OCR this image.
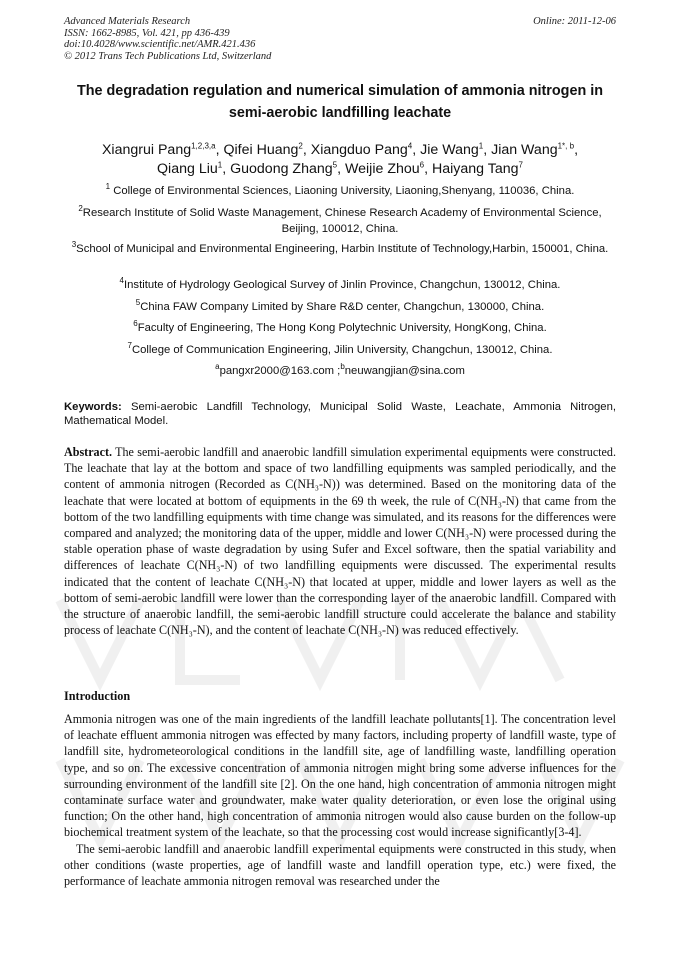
Advanced Materials Research
ISSN: 1662-8985, Vol. 421, pp 436-439
doi:10.4028/www.scientific.net/AMR.421.436
© 2012 Trans Tech Publications Ltd, Switzerland
Online: 2011-12-06
The degradation regulation and numerical simulation of ammonia nitrogen in semi-aerobic landfilling leachate
Xiangrui Pang$^{1,2,3,a}$, Qifei Huang$^2$, Xiangduo Pang$^4$, Jie Wang$^1$, Jian Wang$^{1*, b}$,
Qiang Liu$^1$, Guodong Zhang$^5$, Weijie Zhou$^6$, Haiyang Tang$^7$
$^1$ College of Environmental Sciences, Liaoning University, Liaoning,Shenyang, 110036, China.
$^2$Research Institute of Solid Waste Management, Chinese Research Academy of Environmental Science, Beijing, 100012, China.
$^3$School of Municipal and Environmental Engineering, Harbin Institute of Technology,Harbin, 150001, China.
$^4$Institute of Hydrology Geological Survey of Jinlin Province, Changchun, 130012, China.
$^5$China FAW Company Limited by Share R&D center, Changchun, 130000, China.
$^6$Faculty of Engineering, The Hong Kong Polytechnic University, HongKong, China.
$^7$College of Communication Engineering, Jilin University, Changchun, 130012, China.
$^a$pangxr2000@163.com ;$^b$neuwangjian@sina.com
Keywords: Semi-aerobic Landfill Technology, Municipal Solid Waste, Leachate, Ammonia Nitrogen, Mathematical Model.
Abstract. The semi-aerobic landfill and anaerobic landfill simulation experimental equipments were constructed. The leachate that lay at the bottom and space of two landfilling equipments was sampled periodically, and the content of ammonia nitrogen (Recorded as C(NH₃-N)) was determined. Based on the monitoring data of the leachate that were located at bottom of equipments in the 69 th week, the rule of C(NH₃-N) that came from the bottom of the two landfilling equipments with time change was simulated, and its reasons for the differences were compared and analyzed; the monitoring data of the upper, middle and lower C(NH₃-N) were processed during the stable operation phase of waste degradation by using Sufer and Excel software, then the spatial variability and differences of leachate C(NH₃-N) of two landfilling equipments were discussed. The experimental results indicated that the content of leachate C(NH₃-N) that located at upper, middle and lower layers as well as the bottom of semi-aerobic landfill were lower than the corresponding layer of the anaerobic landfill. Compared with the structure of anaerobic landfill, the semi-aerobic landfill structure could accelerate the balance and stability process of leachate C(NH₃-N), and the content of leachate C(NH₃-N) was reduced effectively.
Introduction

Ammonia nitrogen was one of the main ingredients of the landfill leachate pollutants[1]. The concentration level of leachate effluent ammonia nitrogen was effected by many factors, including property of landfill waste, type of landfill site, hydrometeorological conditions in the landfill site, age of landfilling waste, landfilling operation type, and so on. The excessive concentration of ammonia nitrogen might bring some adverse influences for the surrounding environment of the landfill site [2]. On the one hand, high concentration of ammonia nitrogen might contaminate surface water and groundwater, make water quality deterioration, or even lose the original using function; On the other hand, high concentration of ammonia nitrogen would also cause burden on the follow-up biochemical treatment system of the leachate, so that the processing cost would increase significantly[3-4].

The semi-aerobic landfill and anaerobic landfill experimental equipments were constructed in this study, when other conditions (waste properties, age of landfill waste and landfill operation type, etc.) were fixed, the performance of leachate ammonia nitrogen removal was researched under the
